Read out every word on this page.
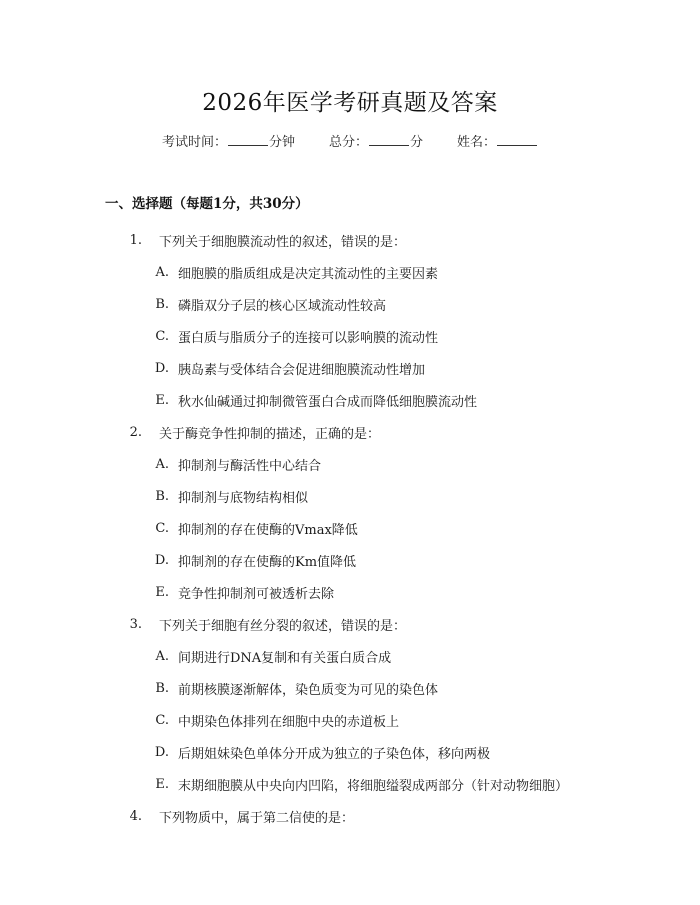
2026年医学考研真题及答案
考试时间：	分钟	总分：	分	姓名：
一、选择题（每题1分，共30分）
1.	下列关于细胞膜流动性的叙述，错误的是：
A. 细胞膜的脂质组成是决定其流动性的主要因素
B. 磷脂双分子层的核心区域流动性较高
C. 蛋白质与脂质分子的连接可以影响膜的流动性
D. 胰岛素与受体结合会促进细胞膜流动性增加
E. 秋水仙碱通过抑制微管蛋白合成而降低细胞膜流动性
2.	关于酶竞争性抑制的描述，正确的是：
A. 抑制剂与酶活性中心结合
B. 抑制剂与底物结构相似
C. 抑制剂的存在使酶的Vmax降低
D. 抑制剂的存在使酶的Km值降低
E. 竞争性抑制剂可被透析去除
3.	下列关于细胞有丝分裂的叙述，错误的是：
A. 间期进行DNA复制和有关蛋白质合成
B. 前期核膜逐渐解体，染色质变为可见的染色体
C. 中期染色体排列在细胞中央的赤道板上
D. 后期姐妹染色单体分开成为独立的子染色体，移向两极
E. 末期细胞膜从中央向内凹陷，将细胞缢裂成两部分（针对动物细胞）
4.	下列物质中，属于第二信使的是：
